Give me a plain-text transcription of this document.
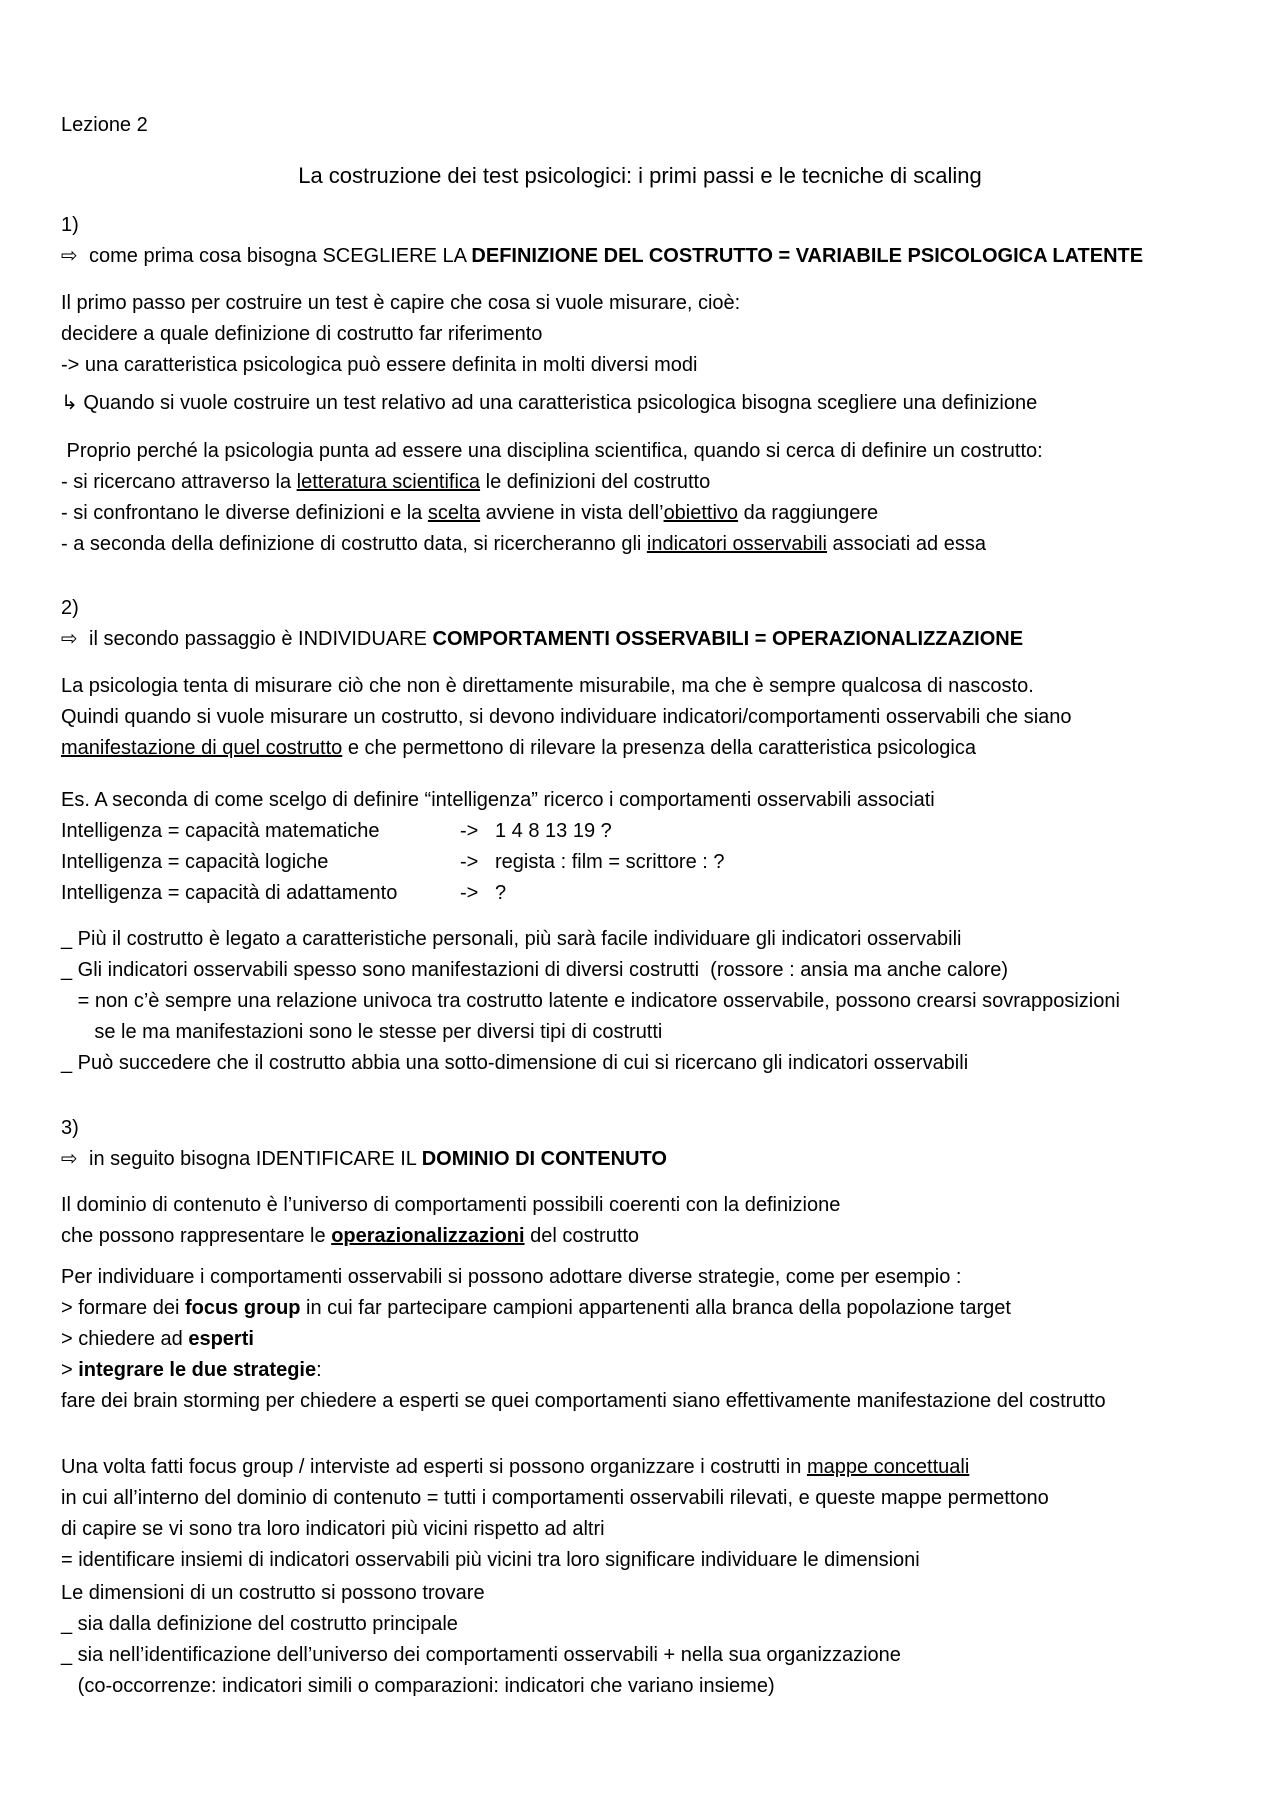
Lezione 2
La costruzione dei test psicologici: i primi passi e le tecniche di scaling
1)
⇨ come prima cosa bisogna SCEGLIERE LA DEFINIZIONE DEL COSTRUTTO = VARIABILE PSICOLOGICA LATENTE
Il primo passo per costruire un test è capire che cosa si vuole misurare, cioè:
decidere a quale definizione di costrutto far riferimento
-> una caratteristica psicologica può essere definita in molti diversi modi
↳ Quando si vuole costruire un test relativo ad una caratteristica psicologica bisogna scegliere una definizione
Proprio perché la psicologia punta ad essere una disciplina scientifica, quando si cerca di definire un costrutto:
- si ricercano attraverso la letteratura scientifica le definizioni del costrutto
- si confrontano le diverse definizioni e la scelta avviene in vista dell’obiettivo da raggiungere
- a seconda della definizione di costrutto data, si ricercheranno gli indicatori osservabili associati ad essa
2)
⇨ il secondo passaggio è INDIVIDUARE COMPORTAMENTI OSSERVABILI = OPERAZIONALIZZAZIONE
La psicologia tenta di misurare ciò che non è direttamente misurabile, ma che è sempre qualcosa di nascosto.
Quindi quando si vuole misurare un costrutto, si devono individuare indicatori/comportamenti osservabili che siano
manifestazione di quel costrutto e che permettono di rilevare la presenza della caratteristica psicologica
Es. A seconda di come scelgo di definire “intelligenza” ricerco i comportamenti osservabili associati
Intelligenza = capacità matematiche	-> 1 4 8 13 19 ?
Intelligenza = capacità logiche	-> regista : film = scrittore : ?
Intelligenza = capacità di adattamento	-> ?
_ Più il costrutto è legato a caratteristiche personali, più sarà facile individuare gli indicatori osservabili
_ Gli indicatori osservabili spesso sono manifestazioni di diversi costrutti  (rossore : ansia ma anche calore)
= non c’è sempre una relazione univoca tra costrutto latente e indicatore osservabile, possono crearsi sovrapposizioni
se le ma manifestazioni sono le stesse per diversi tipi di costrutti
_ Può succedere che il costrutto abbia una sotto-dimensione di cui si ricercano gli indicatori osservabili
3)
⇨ in seguito bisogna IDENTIFICARE IL DOMINIO DI CONTENUTO
Il dominio di contenuto è l’universo di comportamenti possibili coerenti con la definizione
che possono rappresentare le operazionalizzazioni del costrutto
Per individuare i comportamenti osservabili si possono adottare diverse strategie, come per esempio :
> formare dei focus group in cui far partecipare campioni appartenenti alla branca della popolazione target
> chiedere ad esperti
> integrare le due strategie:
fare dei brain storming per chiedere a esperti se quei comportamenti siano effettivamente manifestazione del costrutto
Una volta fatti focus group / interviste ad esperti si possono organizzare i costrutti in mappe concettuali
in cui all’interno del dominio di contenuto = tutti i comportamenti osservabili rilevati, e queste mappe permettono
di capire se vi sono tra loro indicatori più vicini rispetto ad altri
= identificare insiemi di indicatori osservabili più vicini tra loro significare individuare le dimensioni
Le dimensioni di un costrutto si possono trovare
_ sia dalla definizione del costrutto principale
_ sia nell’identificazione dell’universo dei comportamenti osservabili + nella sua organizzazione
(co-occorrenze: indicatori simili o comparazioni: indicatori che variano insieme)
